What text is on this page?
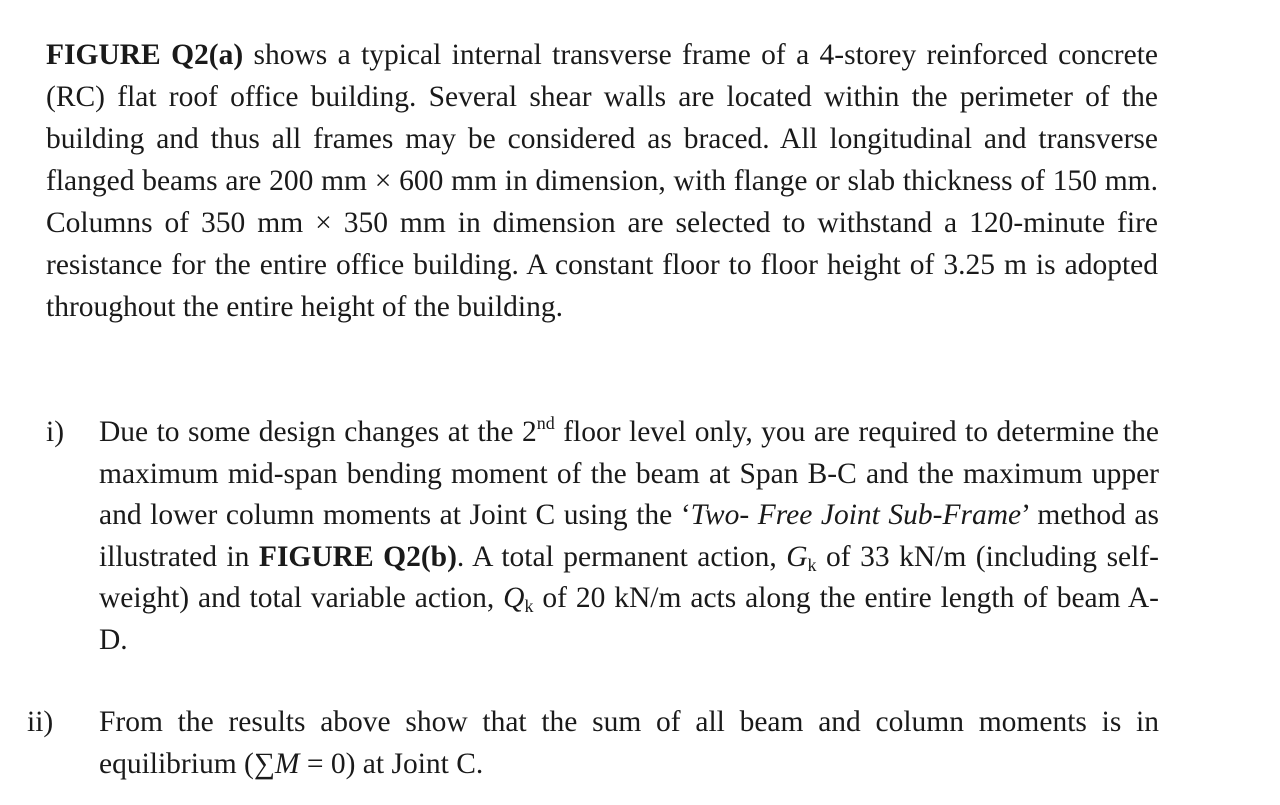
FIGURE Q2(a) shows a typical internal transverse frame of a 4-storey reinforced concrete (RC) flat roof office building. Several shear walls are located within the perimeter of the building and thus all frames may be considered as braced. All longitudinal and transverse flanged beams are 200 mm × 600 mm in dimension, with flange or slab thickness of 150 mm. Columns of 350 mm × 350 mm in dimension are selected to withstand a 120-minute fire resistance for the entire office building. A constant floor to floor height of 3.25 m is adopted throughout the entire height of the building.

i) Due to some design changes at the 2nd floor level only, you are required to determine the maximum mid-span bending moment of the beam at Span B-C and the maximum upper and lower column moments at Joint C using the ‘Two- Free Joint Sub-Frame’ method as illustrated in FIGURE Q2(b). A total permanent action, $G_k$ of 33 kN/m (including self-weight) and total variable action, $Q_k$ of 20 kN/m acts along the entire length of beam A-D.

ii) From the results above show that the sum of all beam and column moments is in equilibrium (∑M = 0) at Joint C.
